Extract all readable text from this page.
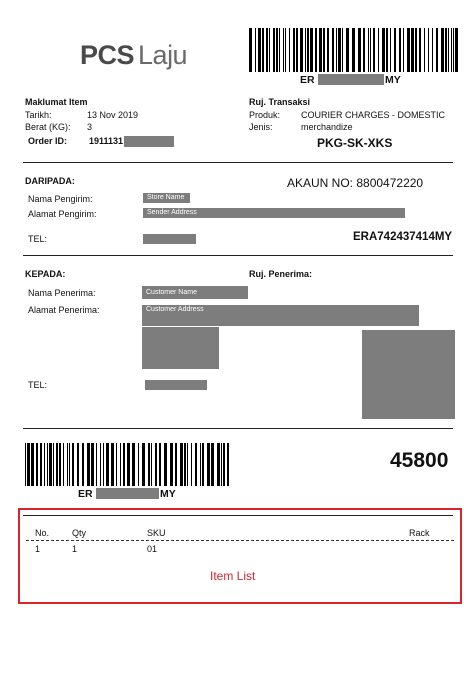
PCS Laju
ER	MY
Maklumat Item
Tarikh:	13 Nov 2019
Berat (KG): 3
Order ID: 1911131
Ruj. Transaksi
Produk: COURIER CHARGES - DOMESTIC
Jenis:	merchandize
PKG-SK-XKS
DARIPADA:	AKAUN NO: 8800472220
Nama Pengirim:	Store Name
Alamat Pengirim:	Sender Address
TEL:	ERA742437414MY
KEPADA:	Ruj. Penerima:
Nama Penerima:	Customer Name
Alamat Penerima:	Customer Address
TEL:
ER	MY
45800
No.	Qty	SKU	Rack
1	1	01
Item List
